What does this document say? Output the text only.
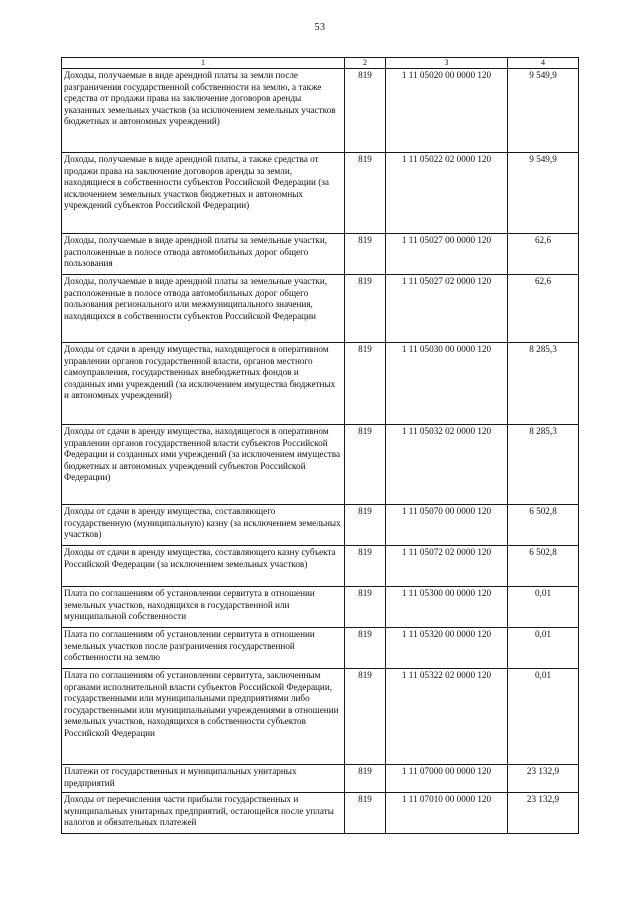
53
1	2	3	4
Доходы, получаемые в виде арендной платы за земли после разграничения государственной собственности на землю, а также средства от продажи права на заключение договоров аренды указанных земельных участков (за исключением земельных участков бюджетных и автономных учреждений)	819	1 11 05020 00 0000 120	9 549,9
Доходы, получаемые в виде арендной платы, а также средства от продажи права на заключение договоров аренды за земли, находящиеся в собственности субъектов Российской Федерации (за исключением земельных участков бюджетных и автономных учреждений субъектов Российской Федерации)	819	1 11 05022 02 0000 120	9 549,9
Доходы, получаемые в виде арендной платы за земельные участки, расположенные в полосе отвода автомобильных дорог общего пользования	819	1 11 05027 00 0000 120	62,6
Доходы, получаемые в виде арендной платы за земельные участки, расположенные в полосе отвода автомобильных дорог общего пользования регионального или межмуниципального значения, находящихся в собственности субъектов Российской Федерации	819	1 11 05027 02 0000 120	62,6
Доходы от сдачи в аренду имущества, находящегося в оперативном управлении органов государственной власти, органов местного самоуправления, государственных внебюджетных фондов и созданных ими учреждений (за исключением имущества бюджетных и автономных учреждений)	819	1 11 05030 00 0000 120	8 285,3
Доходы от сдачи в аренду имущества, находящегося в оперативном управлении органов государственной власти субъектов Российской Федерации и созданных ими учреждений (за исключением имущества бюджетных и автономных учреждений субъектов Российской Федерации)	819	1 11 05032 02 0000 120	8 285,3
Доходы от сдачи в аренду имущества, составляющего государственную (муниципальную) казну (за исключением земельных участков)	819	1 11 05070 00 0000 120	6 502,8
Доходы от сдачи в аренду имущества, составляющего казну субъекта Российской Федерации (за исключением земельных участков)	819	1 11 05072 02 0000 120	6 502,8
Плата по соглашениям об установлении сервитута в отношении земельных участков, находящихся в государственной или муниципальной собственности	819	1 11 05300 00 0000 120	0,01
Плата по соглашениям об установлении сервитута в отношении земельных участков после разграничения государственной собственности на землю	819	1 11 05320 00 0000 120	0,01
Плата по соглашениям об установлении сервитута, заключенным органами исполнительной власти субъектов Российской Федерации, государственными или муниципальными предприятиями либо государственными или муниципальными учреждениями в отношении земельных участков, находящихся в собственности субъектов Российской Федерации	819	1 11 05322 02 0000 120	0,01
Платежи от государственных и муниципальных унитарных предприятий	819	1 11 07000 00 0000 120	23 132,9
Доходы от перечисления части прибыли государственных и муниципальных унитарных предприятий, остающейся после уплаты налогов и обязательных платежей	819	1 11 07010 00 0000 120	23 132,9
